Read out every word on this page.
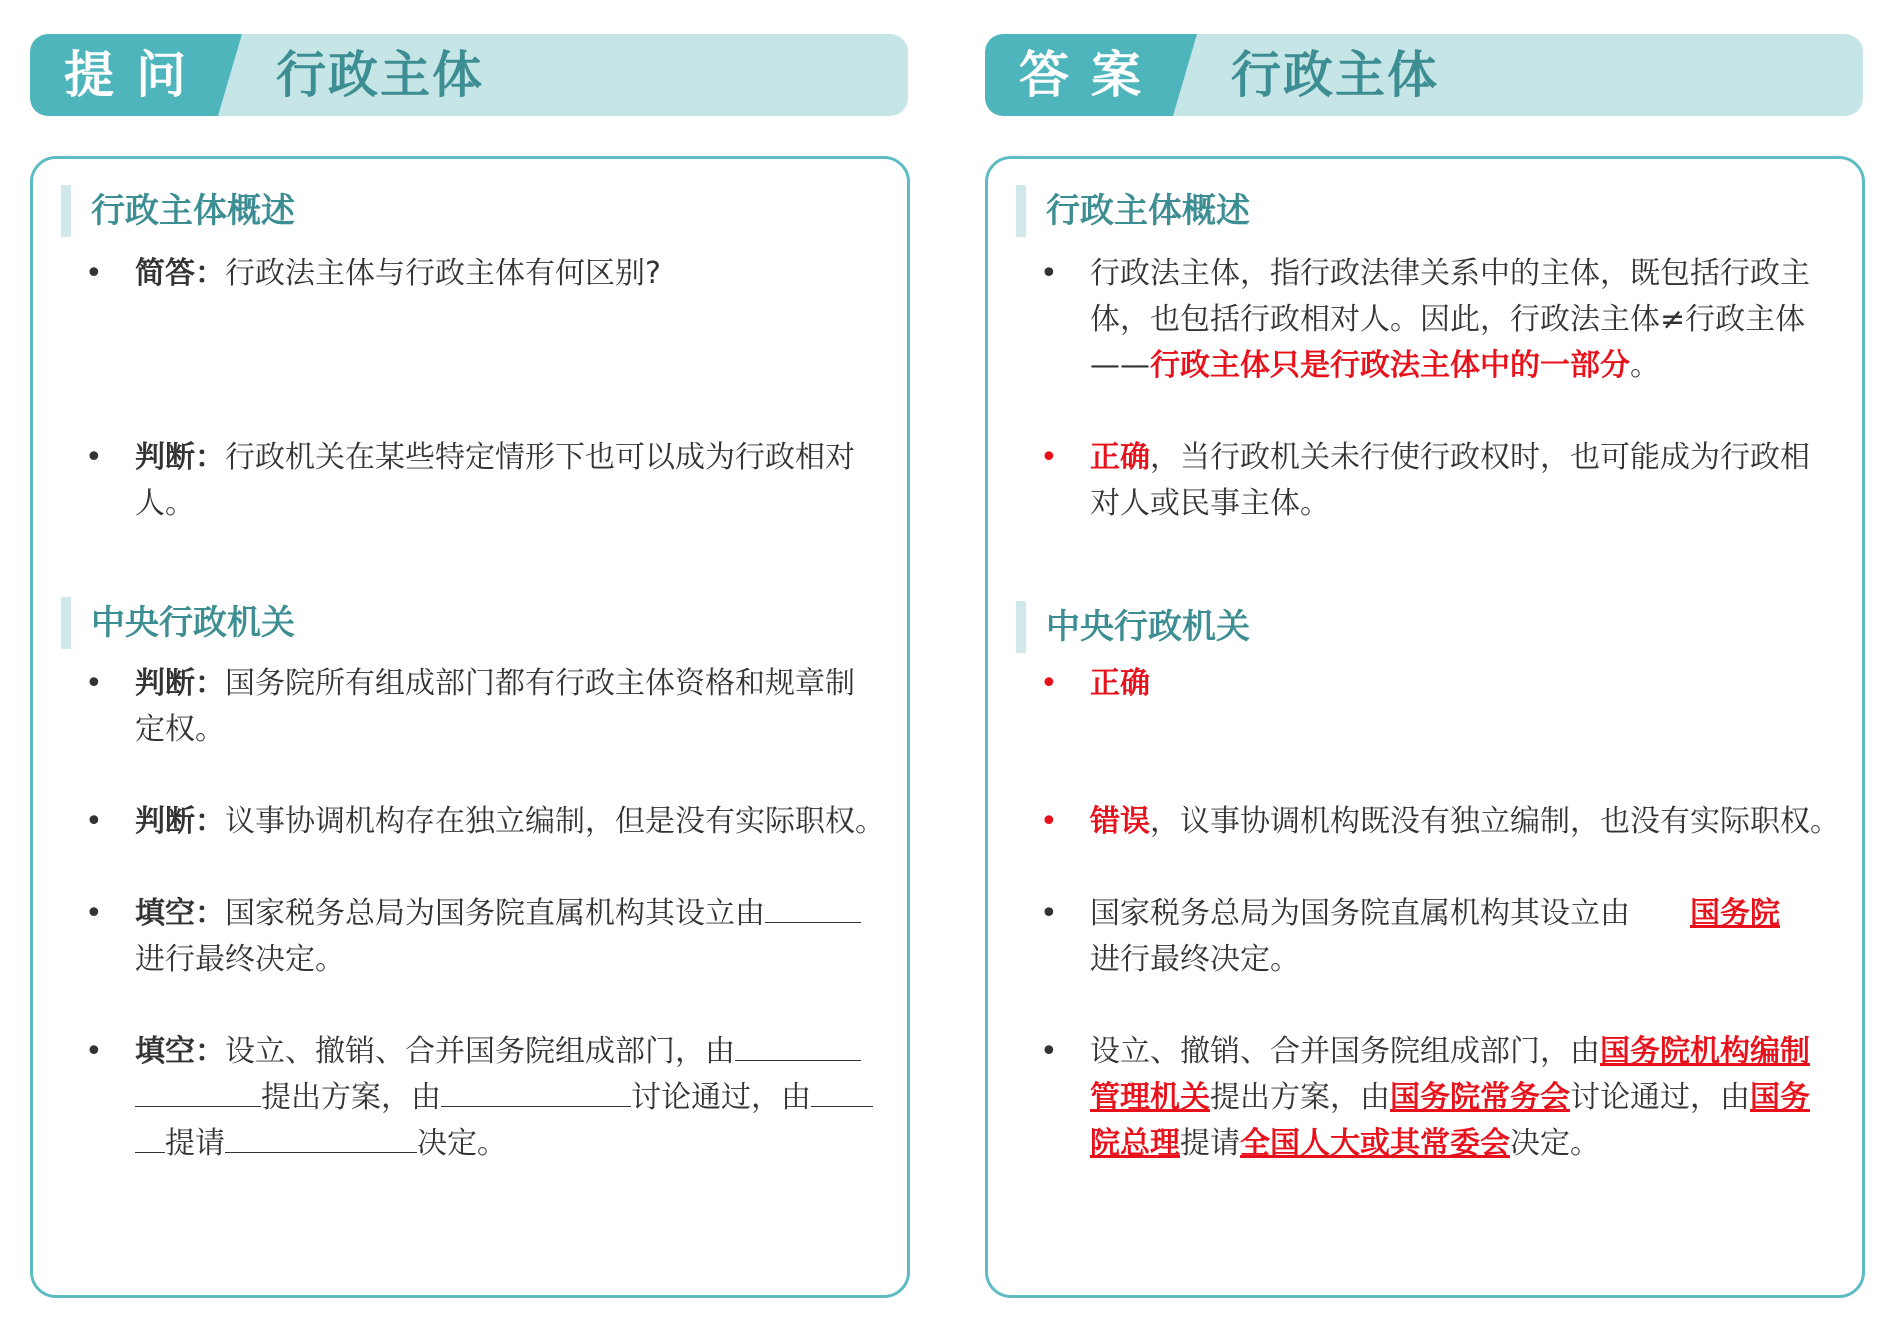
提问 行政主体
行政主体概述
• 简答：行政法主体与行政主体有何区别?
• 判断：行政机关在某些特定情形下也可以成为行政相对人。
中央行政机关
• 判断：国务院所有组成部门都有行政主体资格和规章制定权。
• 判断：议事协调机构存在独立编制，但是没有实际职权。
• 填空：国家税务总局为国务院直属机构其设立由
进行最终决定。
• 填空：设立、撤销、合并国务院组成部门，由
提出方案，由	讨论通过，由
提请	决定。
答案 行政主体
行政主体概述
• 行政法主体，指行政法律关系中的主体，既包括行政主体，也包括行政相对人。因此，行政法主体≠行政主体——行政主体只是行政法主体中的一部分。
• 正确，当行政机关未行使行政权时，也可能成为行政相对人或民事主体。
中央行政机关
• 正确
• 错误，议事协调机构既没有独立编制，也没有实际职权。
• 国家税务总局为国务院直属机构其设立由 国务院
进行最终决定。
• 设立、撤销、合并国务院组成部门，由国务院机构编制管理机关提出方案，由国务院常务会讨论通过，由国务院总理提请全国人大或其常委会决定。
